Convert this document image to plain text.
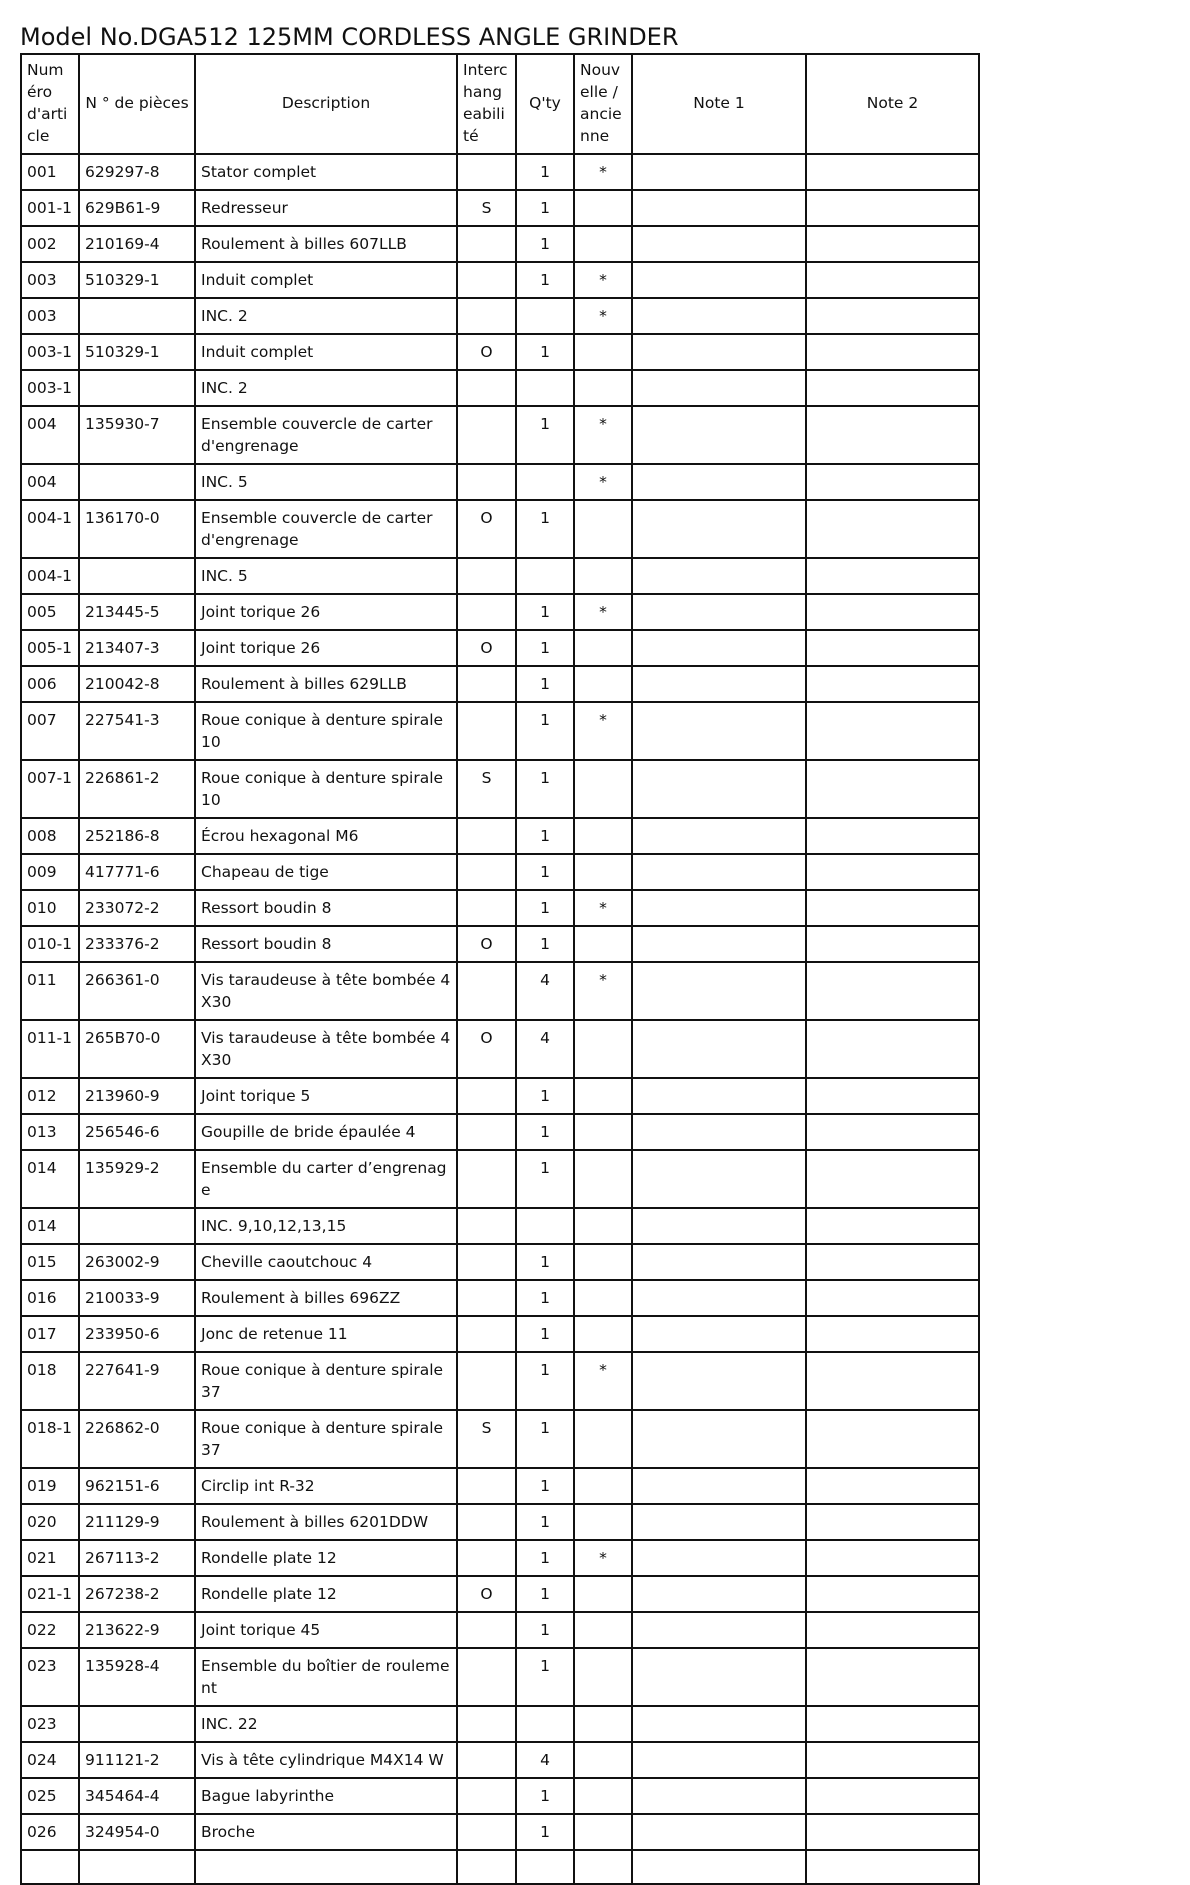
Model No.DGA512 125MM CORDLESS ANGLE GRINDER
Numéro d'article	N ° de pièces	Description	Interchangeabilité	Q'ty	Nouvelle / ancienne	Note 1	Note 2
001	629297-8	Stator complet		1	*		
001-1	629B61-9	Redresseur	S	1			
002	210169-4	Roulement à billes 607LLB		1			
003	510329-1	Induit complet		1	*		
003		INC. 2			*		
003-1	510329-1	Induit complet	O	1			
003-1		INC. 2					
004	135930-7	Ensemble couvercle de carter d'engrenage		1	*		
004		INC. 5			*		
004-1	136170-0	Ensemble couvercle de carter d'engrenage	O	1			
004-1		INC. 5					
005	213445-5	Joint torique 26		1	*		
005-1	213407-3	Joint torique 26	O	1			
006	210042-8	Roulement à billes 629LLB		1			
007	227541-3	Roue conique à denture spirale 10		1	*		
007-1	226861-2	Roue conique à denture spirale 10	S	1			
008	252186-8	Écrou hexagonal M6		1			
009	417771-6	Chapeau de tige		1			
010	233072-2	Ressort boudin 8		1	*		
010-1	233376-2	Ressort boudin 8	O	1			
011	266361-0	Vis taraudeuse à tête bombée 4X30		4	*		
011-1	265B70-0	Vis taraudeuse à tête bombée 4X30	O	4			
012	213960-9	Joint torique 5		1			
013	256546-6	Goupille de bride épaulée 4		1			
014	135929-2	Ensemble du carter d’engrenage		1			
014		INC. 9,10,12,13,15					
015	263002-9	Cheville caoutchouc 4		1			
016	210033-9	Roulement à billes 696ZZ		1			
017	233950-6	Jonc de retenue 11		1			
018	227641-9	Roue conique à denture spirale 37		1	*		
018-1	226862-0	Roue conique à denture spirale 37	S	1			
019	962151-6	Circlip int R-32		1			
020	211129-9	Roulement à billes 6201DDW		1			
021	267113-2	Rondelle plate 12		1	*		
021-1	267238-2	Rondelle plate 12	O	1			
022	213622-9	Joint torique 45		1			
023	135928-4	Ensemble du boîtier de roulement		1			
023		INC. 22					
024	911121-2	Vis à tête cylindrique M4X14 W		4			
025	345464-4	Bague labyrinthe		1			
026	324954-0	Broche		1			
